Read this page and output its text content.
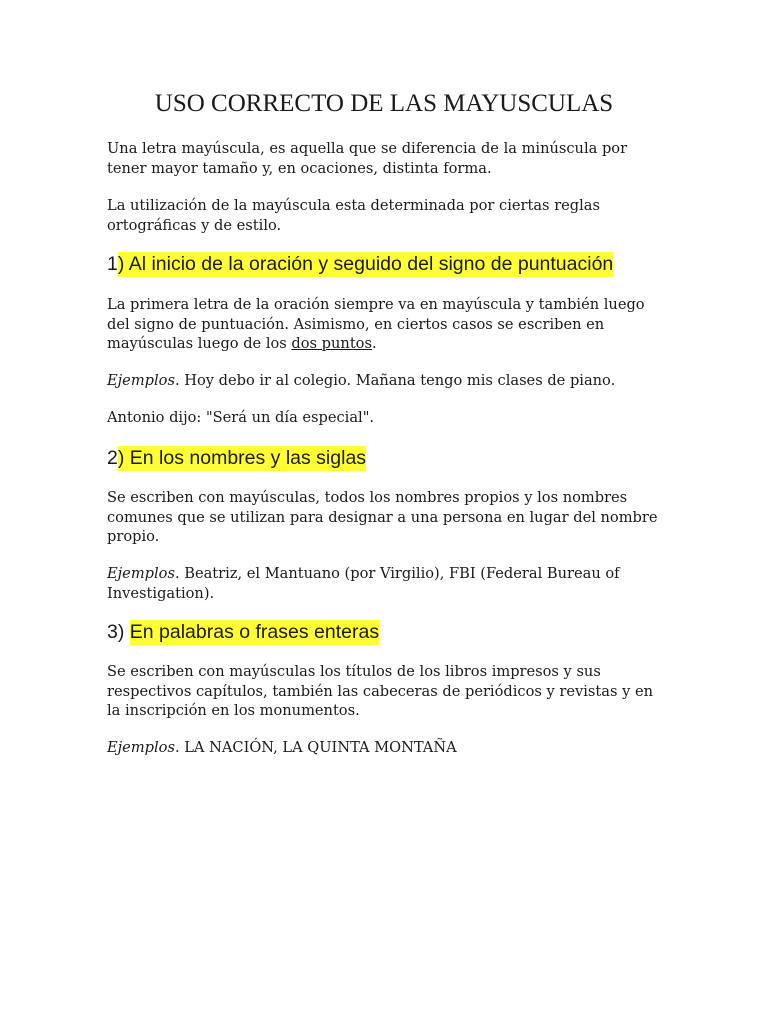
USO CORRECTO DE LAS MAYUSCULAS

Una letra mayúscula, es aquella que se diferencia de la minúscula por tener mayor tamaño y, en ocaciones, distinta forma.

La utilización de la mayúscula esta determinada por ciertas reglas ortográficas y de estilo.

1) Al inicio de la oración y seguido del signo de puntuación

La primera letra de la oración siempre va en mayúscula y también luego del signo de puntuación. Asimismo, en ciertos casos se escriben en mayúsculas luego de los dos puntos.

Ejemplos. Hoy debo ir al colegio. Mañana tengo mis clases de piano.

Antonio dijo: "Será un día especial".

2) En los nombres y las siglas

Se escriben con mayúsculas, todos los nombres propios y los nombres comunes que se utilizan para designar a una persona en lugar del nombre propio.

Ejemplos. Beatriz, el Mantuano (por Virgilio), FBI (Federal Bureau of Investigation).

3) En palabras o frases enteras

Se escriben con mayúsculas los títulos de los libros impresos y sus respectivos capítulos, también las cabeceras de periódicos y revistas y en la inscripción en los monumentos.

Ejemplos. LA NACIÓN, LA QUINTA MONTAÑA
